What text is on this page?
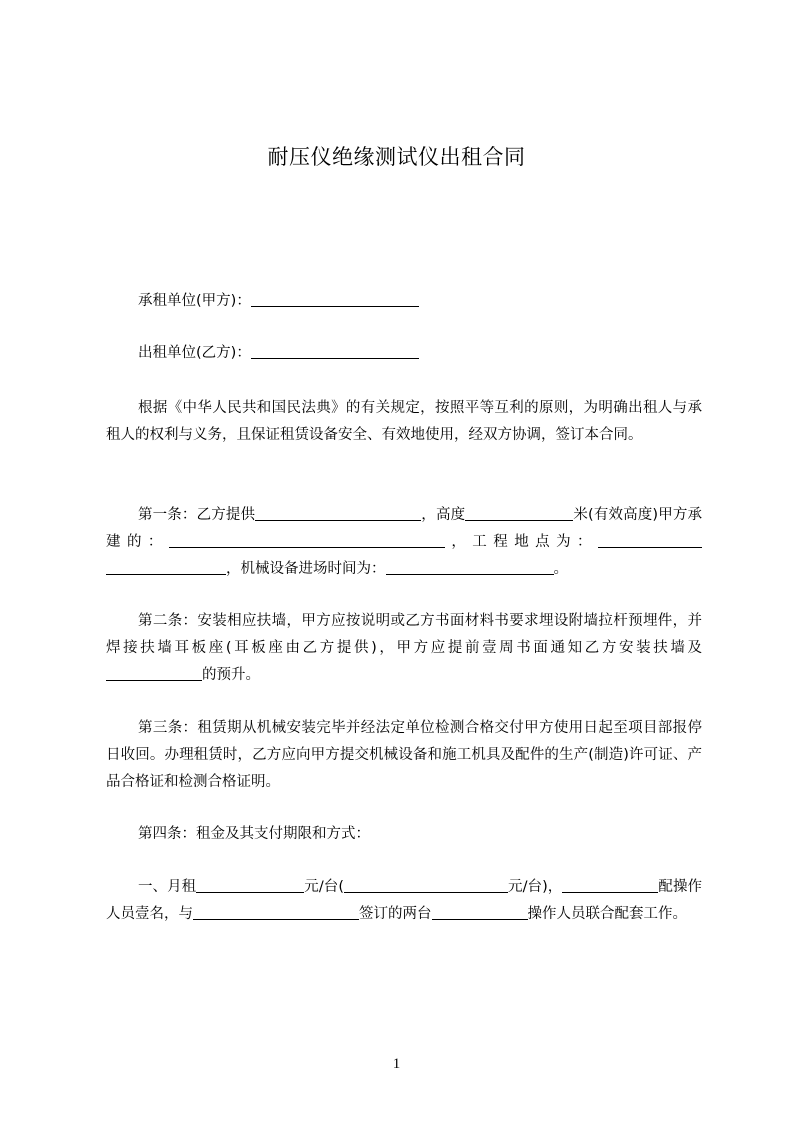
耐压仪绝缘测试仪出租合同

承租单位(甲方)：

出租单位(乙方)：

根据《中华人民共和国民法典》的有关规定，按照平等互利的原则，为明确出租人与承租人的权利与义务，且保证租赁设备安全、有效地使用，经双方协调，签订本合同。

第一条：乙方提供	，高度	米(有效高度)甲方承建的：	，工程地点为：，机械设备进场时间为：	。

第二条：安装相应扶墙，甲方应按说明或乙方书面材料书要求埋设附墙拉杆预埋件，并焊接扶墙耳板座(耳板座由乙方提供)，甲方应提前壹周书面通知乙方安装扶墙及的预升。

第三条：租赁期从机械安装完毕并经法定单位检测合格交付甲方使用日起至项目部报停日收回。办理租赁时，乙方应向甲方提交机械设备和施工机具及配件的生产(制造)许可证、产品合格证和检测合格证明。

第四条：租金及其支付期限和方式：

一、月租	元/台(	元/台)，	配操作人员壹名，与	签订的两台	操作人员联合配套工作。

1
